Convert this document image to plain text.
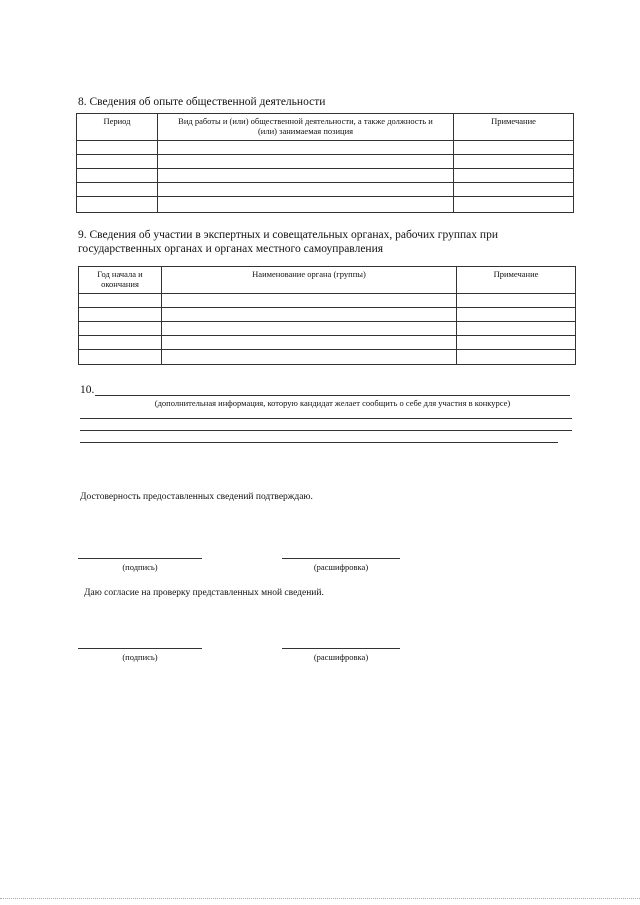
8. Сведения об опыте общественной деятельности
Период	Вид работы и (или) общественной деятельности, а также должность и (или) занимаемая позиция	Примечание

9. Сведения об участии в экспертных и совещательных органах, рабочих группах при
государственных органах и органах местного самоуправления
Год начала и окончания	Наименование органа (группы)	Примечание

10.
(дополнительная информация, которую кандидат желает сообщить о себе для участия в конкурсе)
Достоверность предоставленных сведений подтверждаю.
(подпись)	(расшифровка)
Даю согласие на проверку представленных мной сведений.
(подпись)	(расшифровка)
